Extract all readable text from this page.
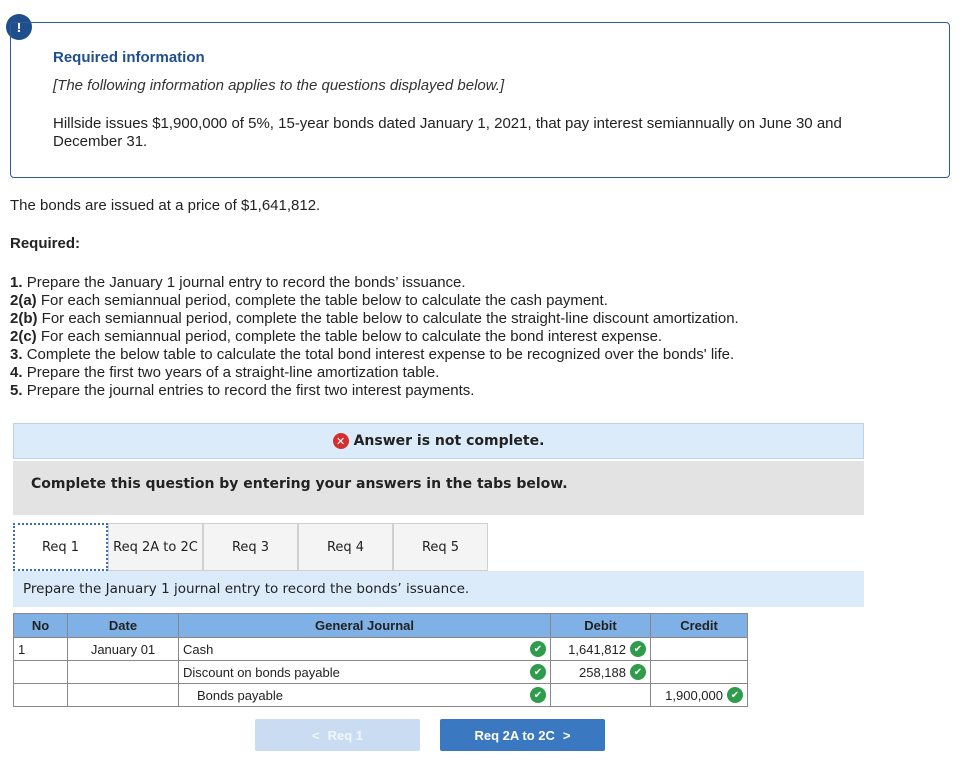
!
Required information
[The following information applies to the questions displayed below.]
Hillside issues $1,900,000 of 5%, 15-year bonds dated January 1, 2021, that pay interest semiannually on June 30 and December 31.
The bonds are issued at a price of $1,641,812.
Required:
1. Prepare the January 1 journal entry to record the bonds’ issuance.
2(a) For each semiannual period, complete the table below to calculate the cash payment.
2(b) For each semiannual period, complete the table below to calculate the straight-line discount amortization.
2(c) For each semiannual period, complete the table below to calculate the bond interest expense.
3. Complete the below table to calculate the total bond interest expense to be recognized over the bonds' life.
4. Prepare the first two years of a straight-line amortization table.
5. Prepare the journal entries to record the first two interest payments.
✕ Answer is not complete.
Complete this question by entering your answers in the tabs below.
Req 1	Req 2A to 2C	Req 3	Req 4	Req 5
Prepare the January 1 journal entry to record the bonds’ issuance.
No	Date	General Journal	Debit	Credit
1	January 01	Cash ✔	1,641,812 ✔	

		Discount on bonds payable ✔	258,188 ✔	

		Bonds payable ✔		1,900,000 ✔
< Req 1	Req 2A to 2C >
